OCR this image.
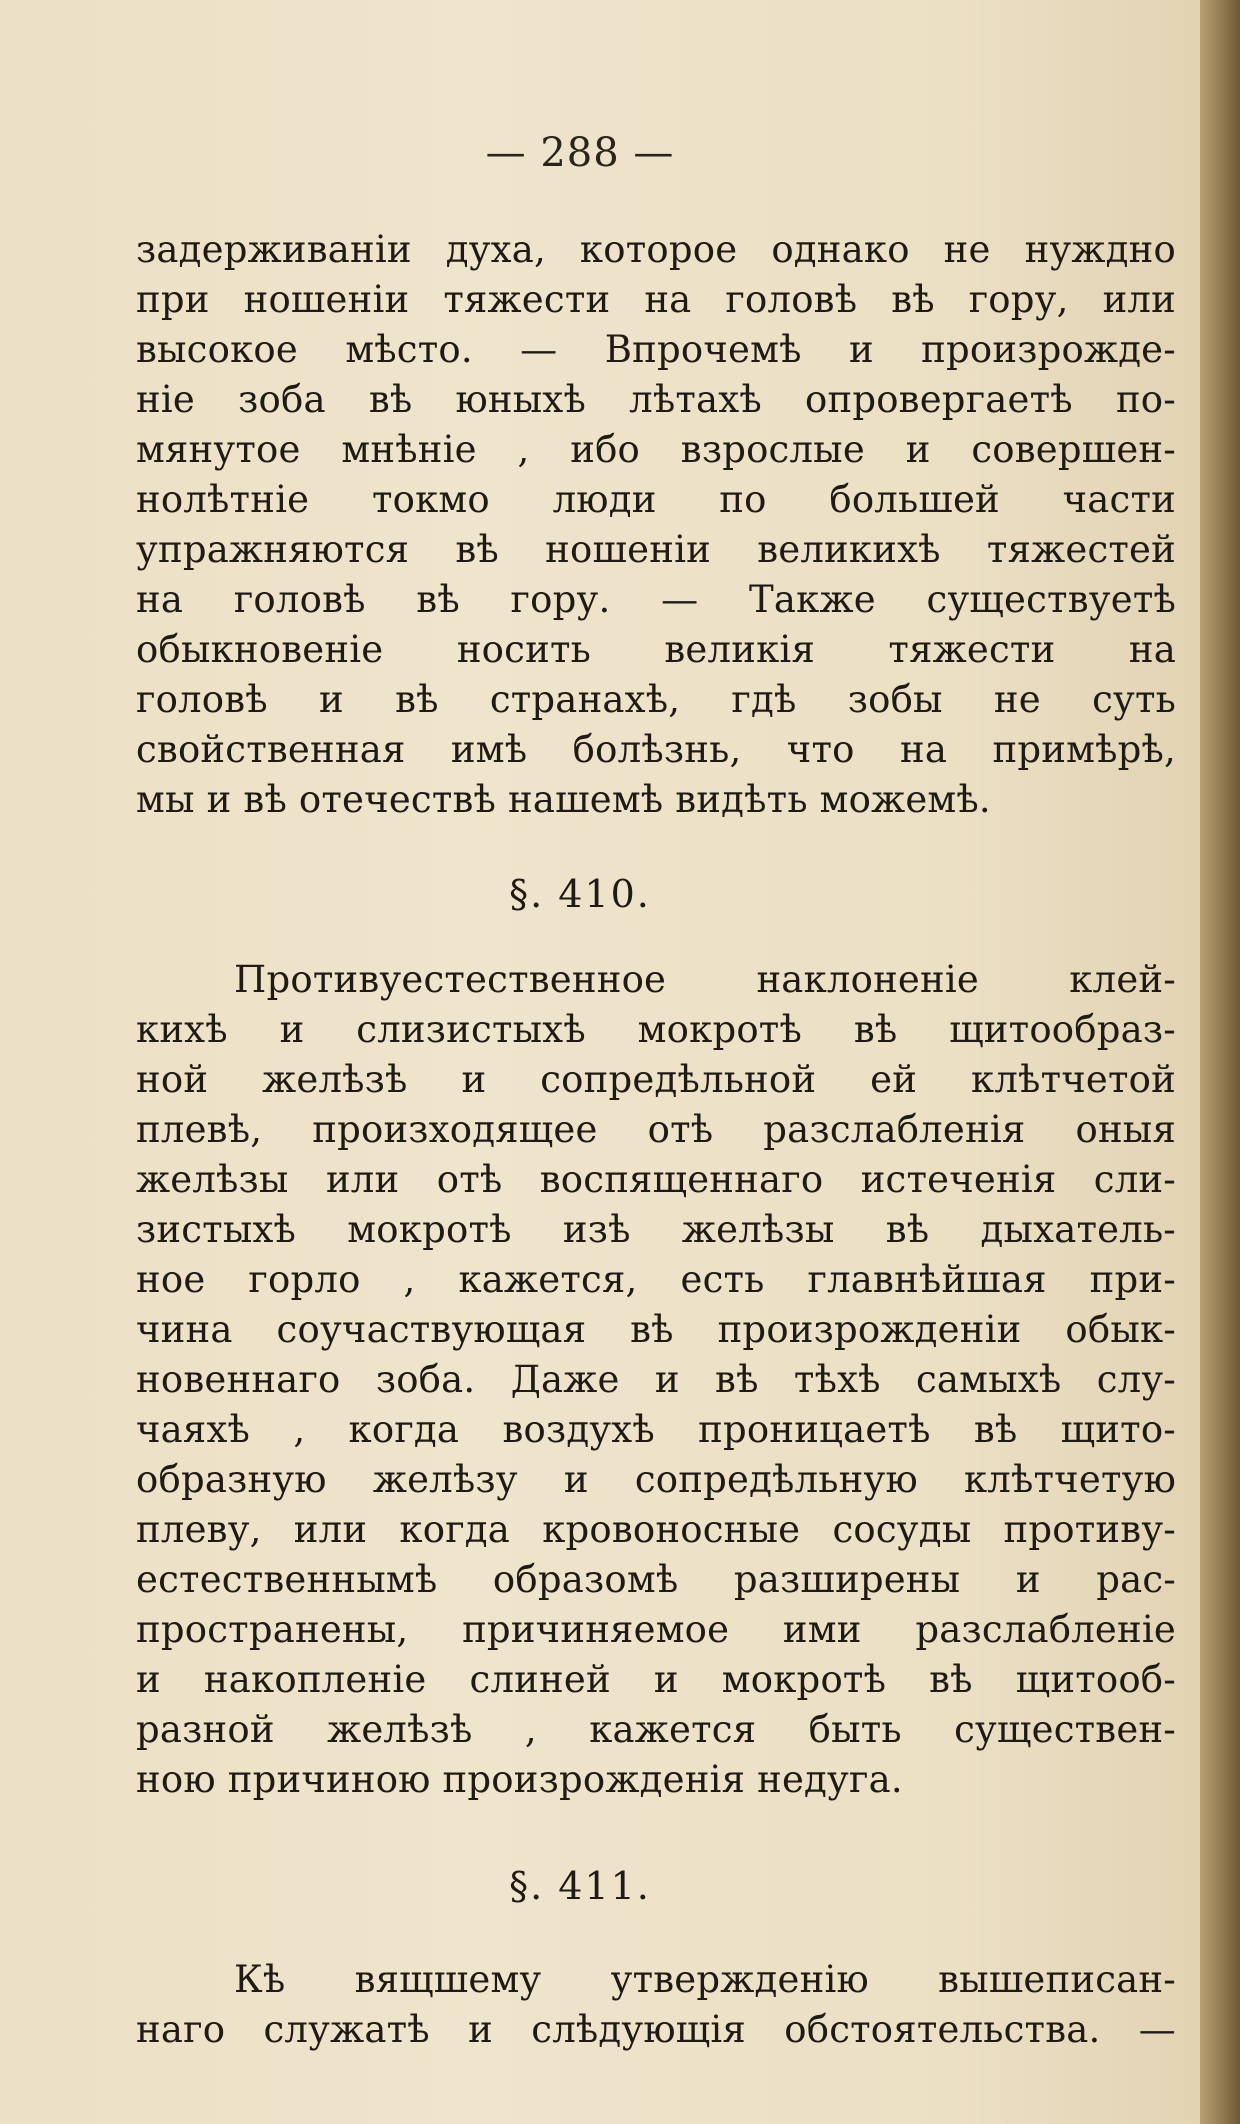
— 288 —
задерживанiи духа, которое однако не нуждно
при ношенiи тяжести на головѣ вѣ гору, или
высокое мѣсто. — Впрочемѣ и произрожде-
нiе зоба вѣ юныхѣ лѣтахѣ опровергаетѣ по-
мянутое мнѣнiе , ибо взрослые и совершен-
нолѣтнiе токмо люди по большей части
упражняются вѣ ношенiи великихѣ тяжестей
на головѣ вѣ гору. — Также существуетѣ
обыкновенiе носить великiя тяжести на
головѣ и вѣ странахѣ, гдѣ зобы не суть
свойственная имѣ болѣзнь, что на примѣрѣ,
мы и вѣ отечествѣ нашемѣ видѣть можемѣ.
§. 410.
Противуестественное наклоненiе клей-
кихѣ и слизистыхѣ мокротѣ вѣ щитообраз-
ной желѣзѣ и сопредѣльной ей клѣтчетой
плевѣ, произходящее отѣ разслабленiя оныя
желѣзы или отѣ воспященнаго истеченiя сли-
зистыхѣ мокротѣ изѣ желѣзы вѣ дыхатель-
ное горло , кажется, есть главнѣйшая при-
чина соучаствующая вѣ произрожденiи обык-
новеннаго зоба. Даже и вѣ тѣхѣ самыхѣ слу-
чаяхѣ , когда воздухѣ проницаетѣ вѣ щито-
образную желѣзу и сопредѣльную клѣтчетую
плеву, или когда кровоносные сосуды противу-
естественнымѣ образомѣ разширены и рас-
пространены, причиняемое ими разслабленiе
и накопленiе слиней и мокротѣ вѣ щитооб-
разной желѣзѣ , кажется быть существен-
ною причиною произрожденiя недуга.
§. 411.
Кѣ вящшему утвержденiю вышеписан-
наго служатѣ и слѣдующiя обстоятельства. —
